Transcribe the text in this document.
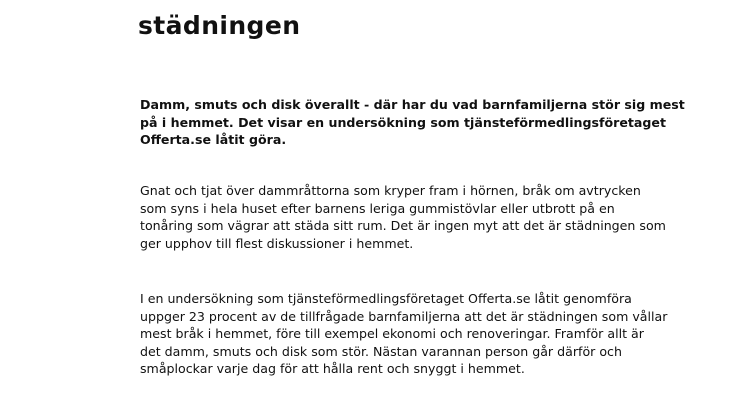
städningen

Damm, smuts och disk överallt - där har du vad barnfamiljerna stör sig mest
på i hemmet. Det visar en undersökning som tjänsteförmedlingsföretaget
Offerta.se låtit göra.

Gnat och tjat över dammråttorna som kryper fram i hörnen, bråk om avtrycken
som syns i hela huset efter barnens leriga gummistövlar eller utbrott på en
tonåring som vägrar att städa sitt rum. Det är ingen myt att det är städningen som
ger upphov till flest diskussioner i hemmet.

I en undersökning som tjänsteförmedlingsföretaget Offerta.se låtit genomföra
uppger 23 procent av de tillfrågade barnfamiljerna att det är städningen som vållar
mest bråk i hemmet, före till exempel ekonomi och renoveringar. Framför allt är
det damm, smuts och disk som stör. Nästan varannan person går därför och
småplockar varje dag för att hålla rent och snyggt i hemmet.
